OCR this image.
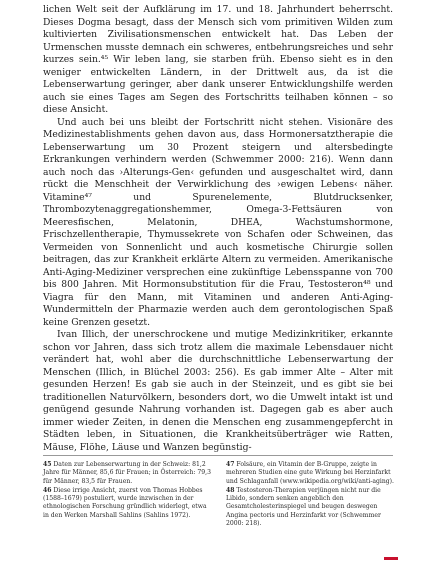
lichen Welt seit der Aufklärung im 17. und 18. Jahrhundert beherrscht. Dieses Dogma besagt, dass der Mensch sich vom primitiven Wilden zum kultivierten Zivilisationsmenschen entwickelt hat. Das Leben der Urmenschen musste demnach ein schweres, entbehrungsreiches und sehr kurzes sein.⁴⁵ Wir leben lang, sie starben früh. Ebenso sieht es in den weniger entwickelten Ländern, in der Drittwelt aus, da ist die Lebenserwartung geringer, aber dank unserer Entwicklungshilfe werden auch sie eines Tages am Segen des Fortschritts teilhaben können – so diese Ansicht.

Und auch bei uns bleibt der Fortschritt nicht stehen. Visionäre des Medizinestablishments gehen davon aus, dass Hormonersatztherapie die Lebenserwartung um 30 Prozent steigern und altersbedingte Erkrankungen verhindern werden (Schwemmer 2000: 216). Wenn dann auch noch das ›Alterungs-Gen‹ gefunden und ausgeschaltet wird, dann rückt die Menschheit der Verwirklichung des ›ewigen Lebens‹ näher. Vitamine⁴⁷ und Spurenelemente, Blutdrucksenker, Thrombozytenaggregationshemmer, Omega-3-Fettsäuren von Meeresfischen, Melatonin, DHEA, Wachstumshormone, Frischzellentherapie, Thymussekrete von Schafen oder Schweinen, das Vermeiden von Sonnenlicht und auch kosmetische Chirurgie sollen beitragen, das zur Krankheit erklärte Altern zu vermeiden. Amerikanische Anti-Aging-Mediziner versprechen eine zukünftige Lebensspanne von 700 bis 800 Jahren. Mit Hormonsubstitution für die Frau, Testosteron⁴⁸ und Viagra für den Mann, mit Vitaminen und anderen Anti-Aging-Wundermitteln der Pharmazie werden auch dem gerontologischen Spaß keine Grenzen gesetzt.

Ivan Illich, der unerschrockene und mutige Medizinkritiker, erkannte schon vor Jahren, dass sich trotz allem die maximale Lebensdauer nicht verändert hat, wohl aber die durchschnittliche Lebenserwartung der Menschen (Illich, in Blüchel 2003: 256). Es gab immer Alte – Alter mit gesunden Herzen! Es gab sie auch in der Steinzeit, und es gibt sie bei traditionellen Naturvölkern, besonders dort, wo die Umwelt intakt ist und genügend gesunde Nahrung vorhanden ist. Dagegen gab es aber auch immer wieder Zeiten, in denen die Menschen eng zusammengepfercht in Städten leben, in Situationen, die Krankheitsüberträger wie Ratten, Mäuse, Flöhe, Läuse und Wanzen begünstig-

45 Daten zur Lebenserwartung in der Schweiz: 81,2 Jahre für Männer, 85,6 für Frauen; in Österreich: 79,3 für Männer, 83,5 für Frauen.

46 Diese irrige Ansicht, zuerst von Thomas Hobbes (1588–1679) postuliert, wurde inzwischen in der ethnologischen Forschung gründlich widerlegt, etwa in den Werken Marshall Sahlins (Sahlins 1972).

47 Folsäure, ein Vitamin der B-Gruppe, zeigte in mehreren Studien eine gute Wirkung bei Herzinfarkt und Schlaganfall (www.wikipedia.org/wiki/anti-aging).

48 Testosteron-Therapien verjüngen nicht nur die Libido, sondern senken angeblich den Gesamtcholesterinspiegel und beugen deswegen Angina pectoris und Herzinfarkt vor (Schwemmer 2000: 218).
